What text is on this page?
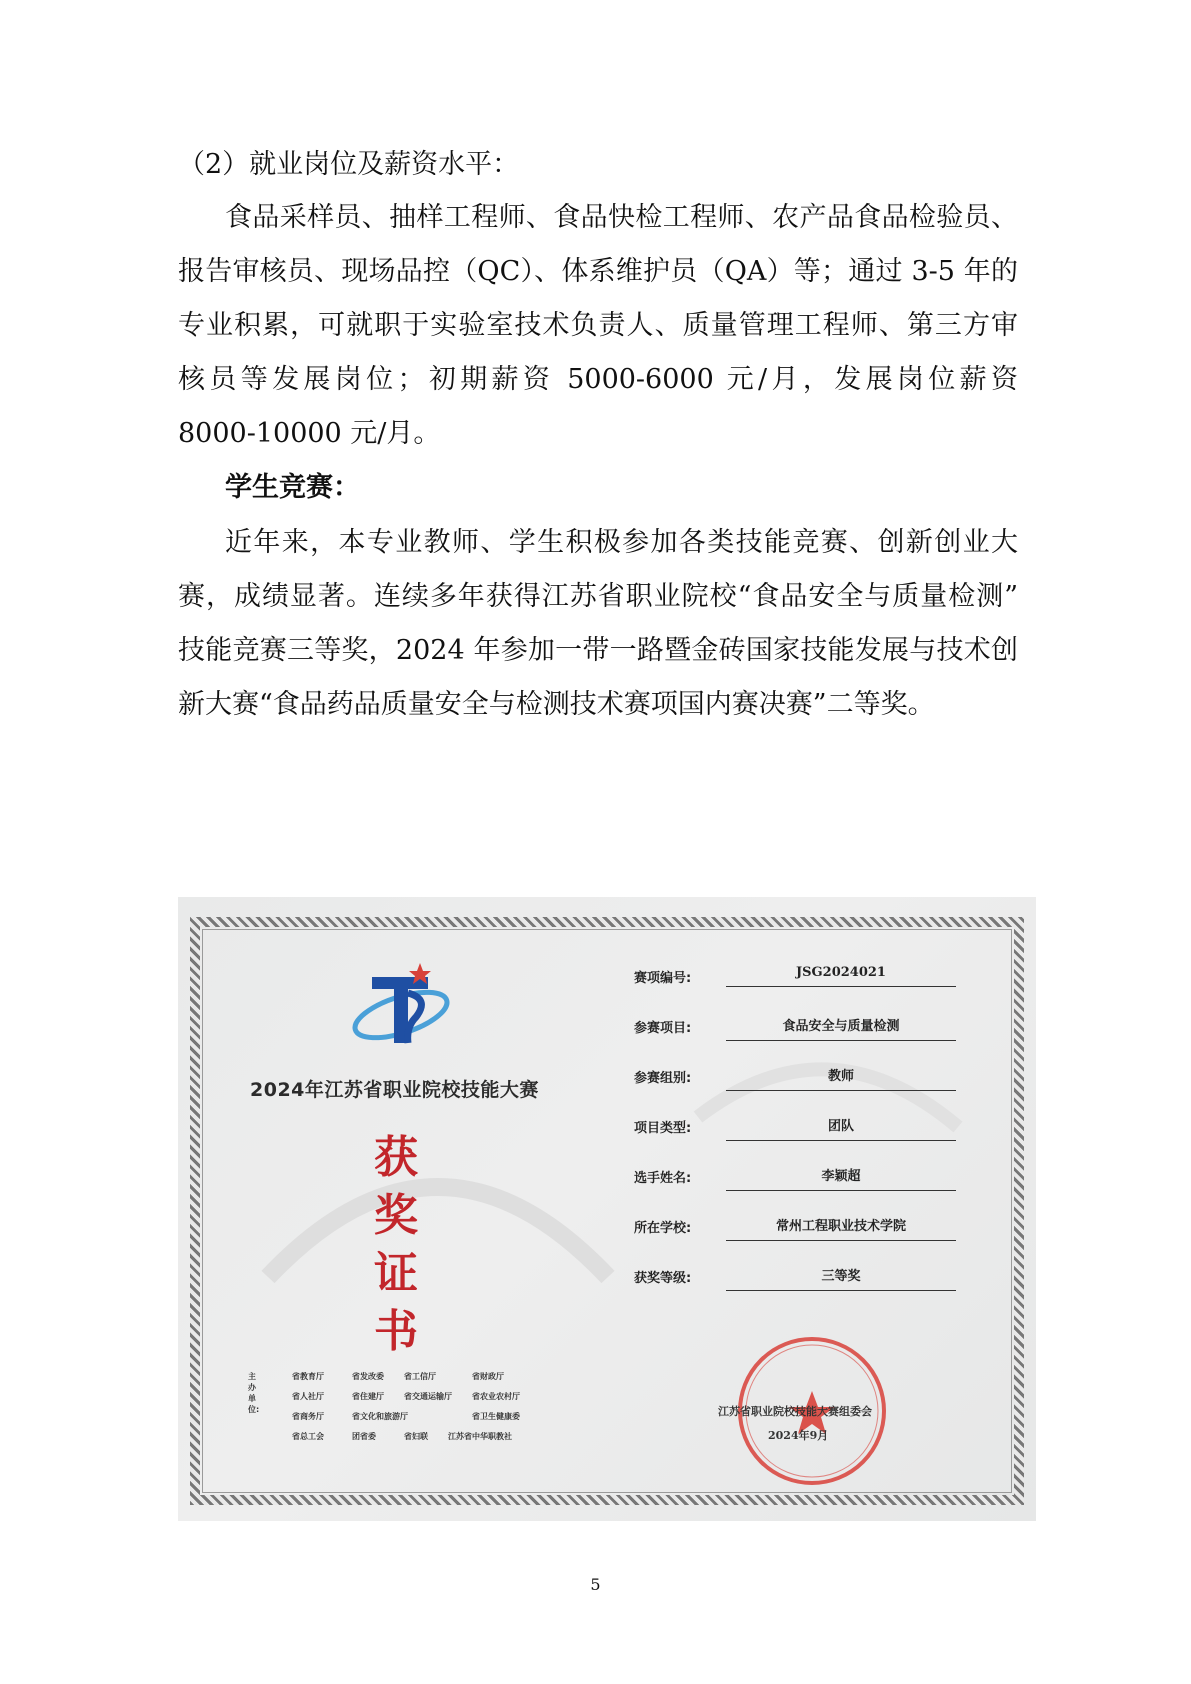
（2）就业岗位及薪资水平：
食品采样员、抽样工程师、食品快检工程师、农产品食品检验员、
报告审核员、现场品控（QC）、体系维护员（QA）等；通过 3-5 年的
专业积累，可就职于实验室技术负责人、质量管理工程师、第三方审
核员等发展岗位；初期薪资 5000-6000 元/月，发展岗位薪资
8000-10000 元/月。
学生竞赛：
近年来，本专业教师、学生积极参加各类技能竞赛、创新创业大
赛，成绩显著。连续多年获得江苏省职业院校“食品安全与质量检测”
技能竞赛三等奖，2024 年参加一带一路暨金砖国家技能发展与技术创
新大赛“食品药品质量安全与检测技术赛项国内赛决赛”二等奖。
2024年江苏省职业院校技能大赛
获
奖
证
书
赛项编号:	JSG2024021
参赛项目:	食品安全与质量检测
参赛组别:	教师
项目类型:	团队
选手姓名:	李颖超
所在学校:	常州工程职业技术学院
获奖等级:	三等奖
主办单位:
省教育厅	省发改委	省工信厅	省财政厅
省人社厅	省住建厅	省交通运输厅	省农业农村厅
省商务厅	省文化和旅游厅	省卫生健康委
省总工会	团省委	省妇联	江苏省中华职教社
江苏省职业院校技能大赛组委会
2024年9月
5
